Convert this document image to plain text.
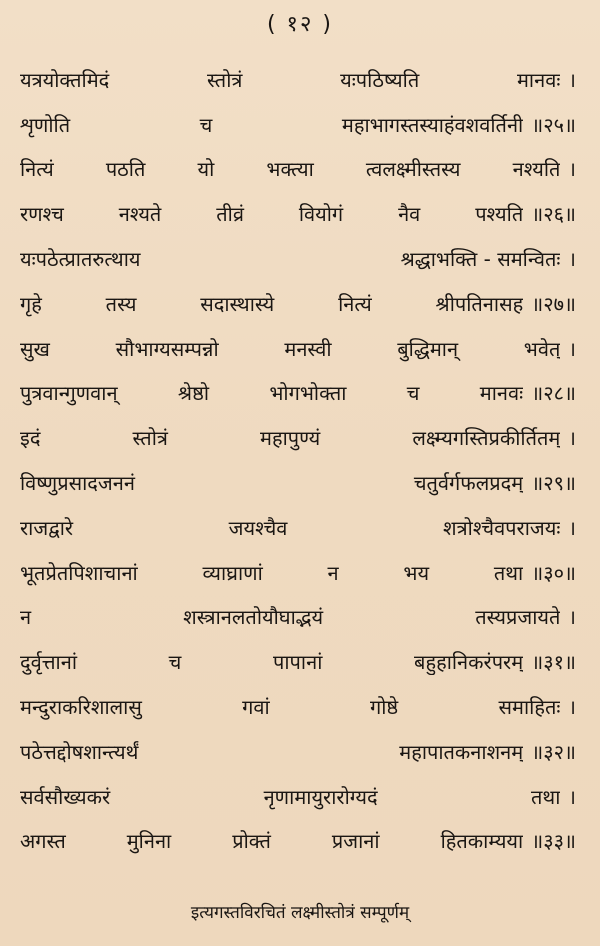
( १२ )
यत्रयोक्तमिदं	स्तोत्रं	यःपठिष्यति	मानवः ।
शृणोति	च	महाभागस्तस्याहंवशवर्तिनी ॥२५॥
नित्यं	पठति	यो	भक्त्या	त्वलक्ष्मीस्तस्य	नश्यति ।
रणश्च	नश्यते	तीव्रं	वियोगं	नैव	पश्यति ॥२६॥
यःपठेत्प्रातरुत्थाय	श्रद्धाभक्ति - समन्वितः ।
गृहे	तस्य	सदास्थास्ये	नित्यं	श्रीपतिनासह ॥२७॥
सुख	सौभाग्यसम्पन्नो	मनस्वी	बुद्धिमान्	भवेत् ।
पुत्रवान्गुणवान्	श्रेष्ठो	भोगभोक्ता	च	मानवः ॥२८॥
इदं	स्तोत्रं	महापुण्यं	लक्ष्म्यगस्तिप्रकीर्तितम् ।
विष्णुप्रसादजननं	चतुर्वर्गफलप्रदम् ॥२९॥
राजद्वारे	जयश्चैव	शत्रोश्चैवपराजयः ।
भूतप्रेतपिशाचानां	व्याघ्राणां	न	भय	तथा ॥३०॥
न	शस्त्रानलतोयौघाद्भयं	तस्यप्रजायते ।
दुर्वृत्तानां	च	पापानां	बहुहानिकरंपरम् ॥३१॥
मन्दुराकरिशालासु	गवां	गोष्ठे	समाहितः ।
पठेत्तद्दोषशान्त्यर्थं	महापातकनाशनम् ॥३२॥
सर्वसौख्यकरं	नृणामायुरारोग्यदं	तथा ।
अगस्त	मुनिना	प्रोक्तं	प्रजानां	हितकाम्यया ॥३३॥
इत्यगस्तविरचितं लक्ष्मीस्तोत्रं सम्पूर्णम्
